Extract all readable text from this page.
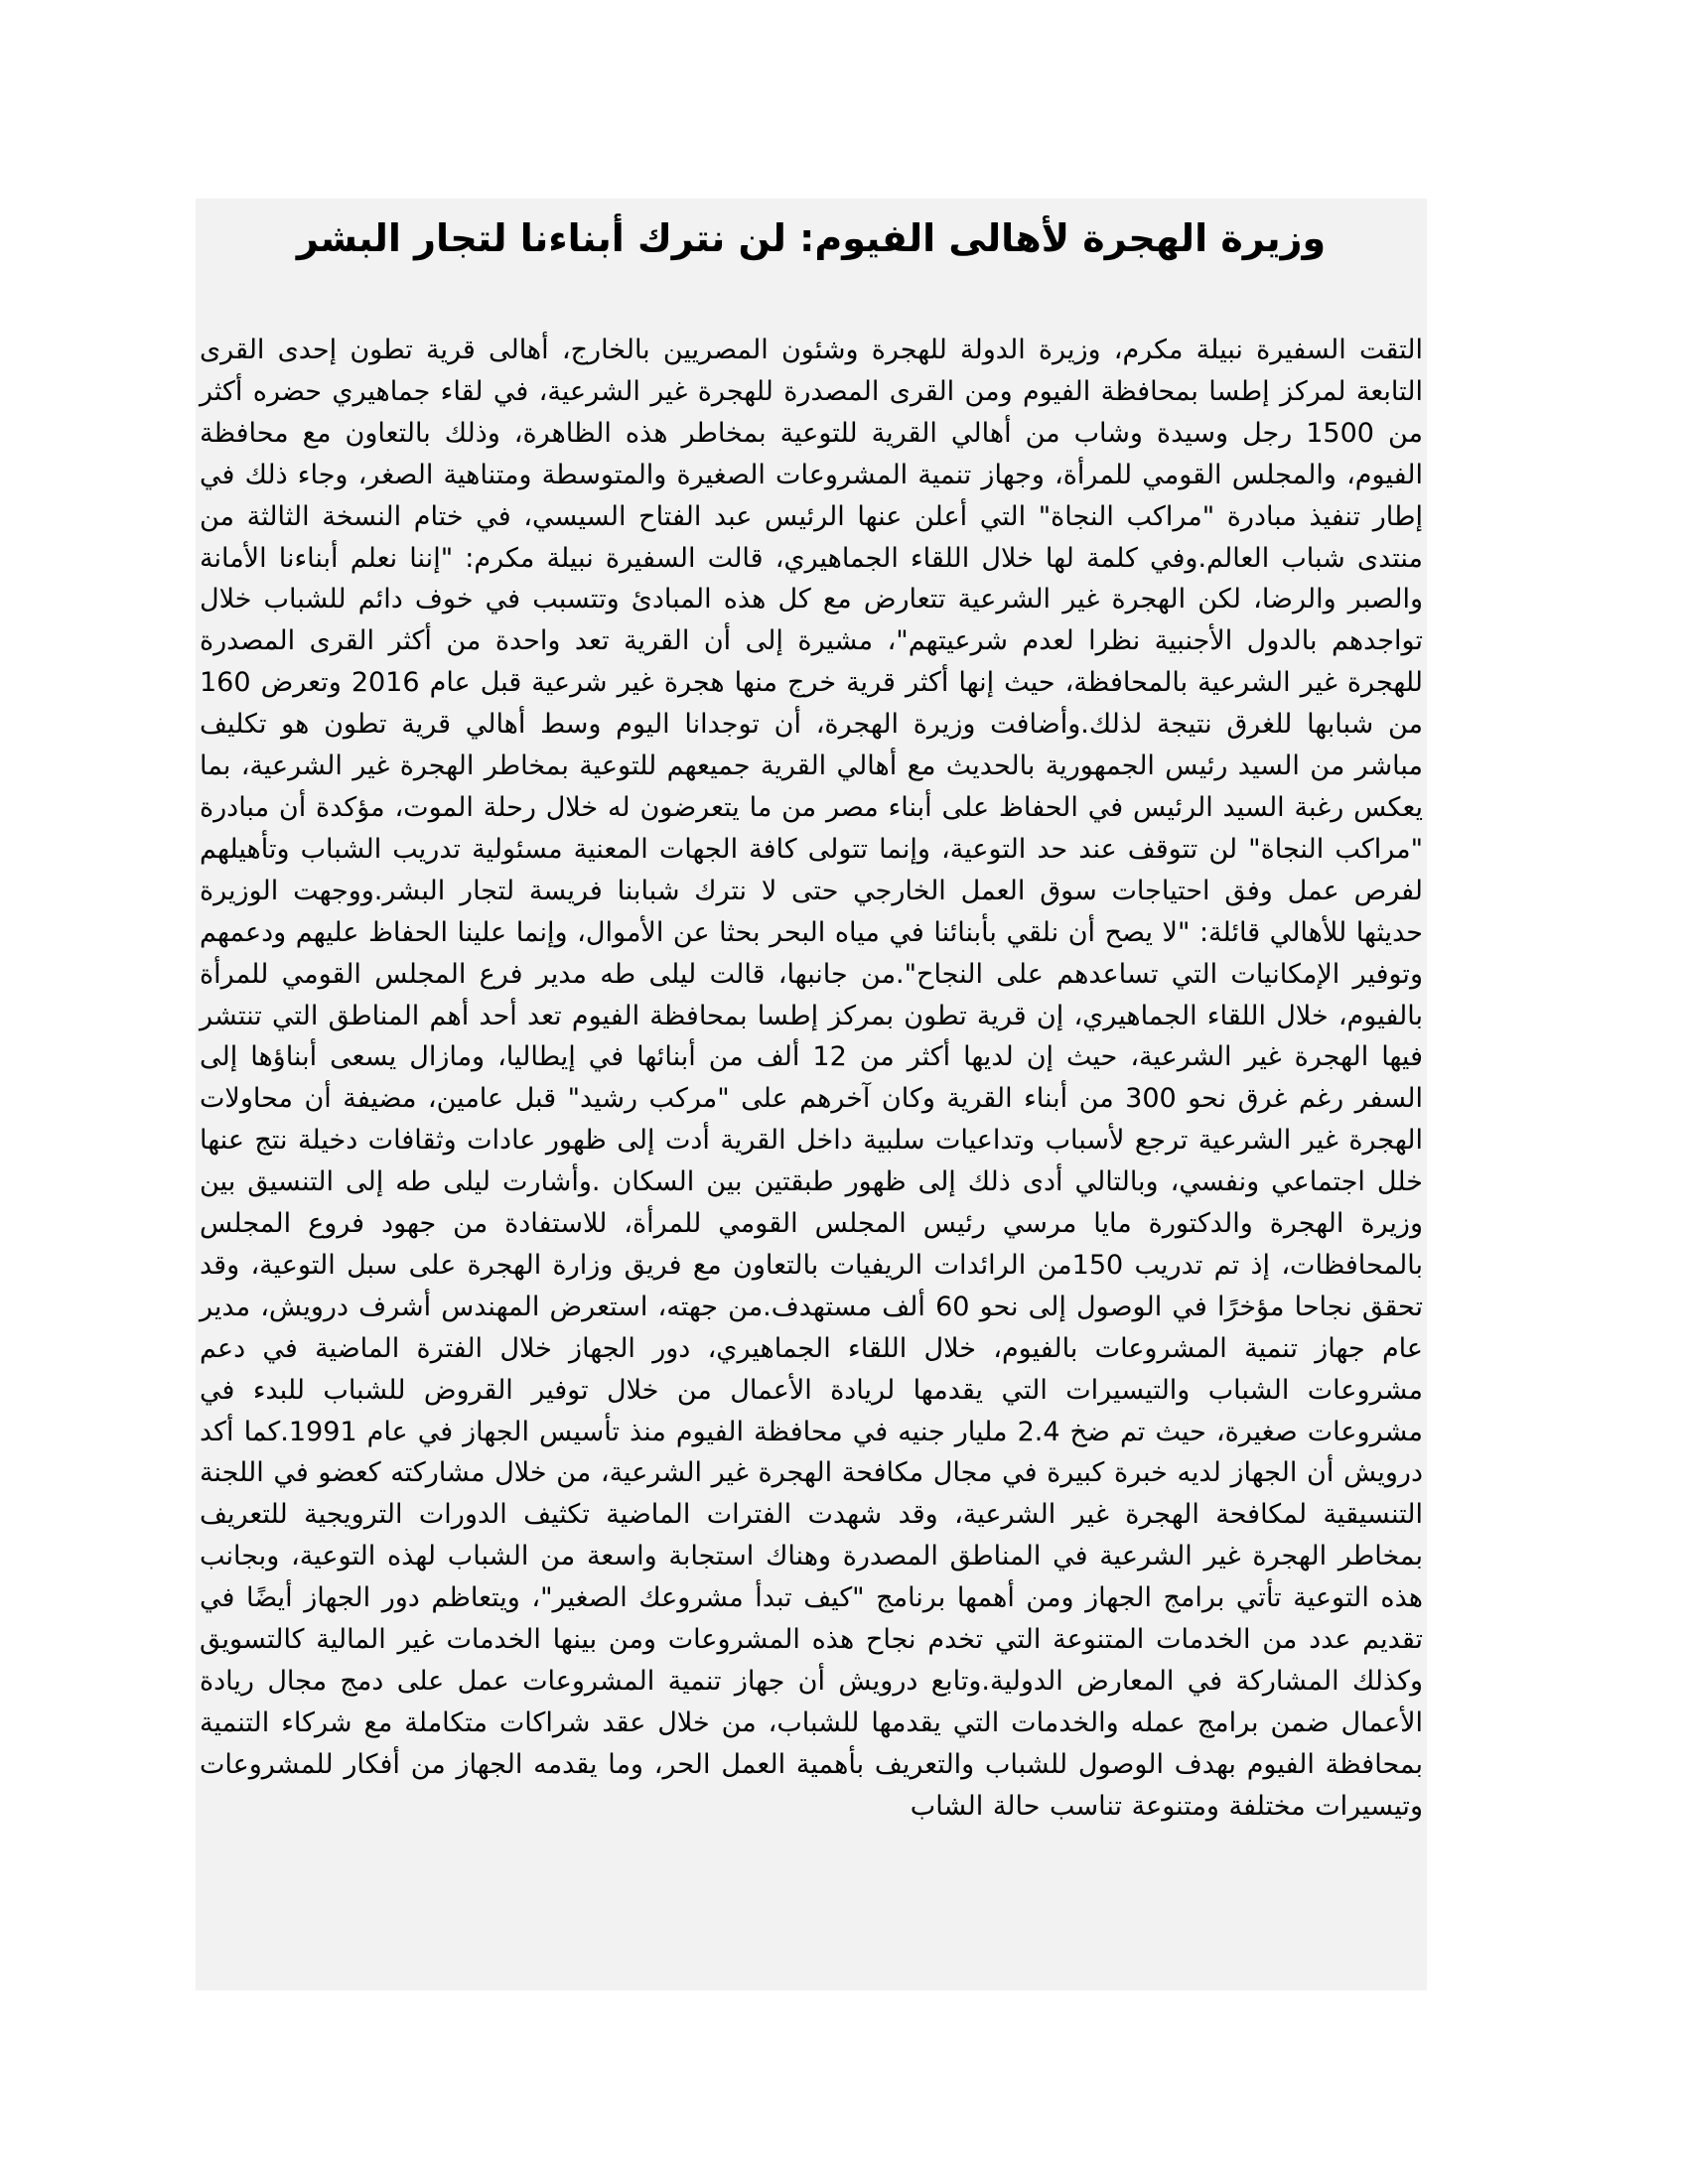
وزيرة الهجرة لأهالى الفيوم: لن نترك أبناءنا لتجار البشر

التقت السفيرة نبيلة مكرم، وزيرة الدولة للهجرة وشئون المصريين بالخارج، أهالى قرية تطون إحدى القرى التابعة لمركز إطسا بمحافظة الفيوم ومن القرى المصدرة للهجرة غير الشرعية، في لقاء جماهيري حضره أكثر من 1500 رجل وسيدة وشاب من أهالي القرية للتوعية بمخاطر هذه الظاهرة، وذلك بالتعاون مع محافظة الفيوم، والمجلس القومي للمرأة، وجهاز تنمية المشروعات الصغيرة والمتوسطة ومتناهية الصغر، وجاء ذلك في إطار تنفيذ مبادرة "مراكب النجاة" التي أعلن عنها الرئيس عبد الفتاح السيسي، في ختام النسخة الثالثة من منتدى شباب العالم.وفي كلمة لها خلال اللقاء الجماهيري، قالت السفيرة نبيلة مكرم: "إننا نعلم أبناءنا الأمانة والصبر والرضا، لكن الهجرة غير الشرعية تتعارض مع كل هذه المبادئ وتتسبب في خوف دائم للشباب خلال تواجدهم بالدول الأجنبية نظرا لعدم شرعيتهم"، مشيرة إلى أن القرية تعد واحدة من أكثر القرى المصدرة للهجرة غير الشرعية بالمحافظة، حيث إنها أكثر قرية خرج منها هجرة غير شرعية قبل عام 2016 وتعرض 160 من شبابها للغرق نتيجة لذلك.وأضافت وزيرة الهجرة، أن توجدانا اليوم وسط أهالي قرية تطون هو تكليف مباشر من السيد رئيس الجمهورية بالحديث مع أهالي القرية جميعهم للتوعية بمخاطر الهجرة غير الشرعية، بما يعكس رغبة السيد الرئيس في الحفاظ على أبناء مصر من ما يتعرضون له خلال رحلة الموت، مؤكدة أن مبادرة "مراكب النجاة" لن تتوقف عند حد التوعية، وإنما تتولى كافة الجهات المعنية مسئولية تدريب الشباب وتأهيلهم لفرص عمل وفق احتياجات سوق العمل الخارجي حتى لا نترك شبابنا فريسة لتجار البشر.ووجهت الوزيرة حديثها للأهالي قائلة: "لا يصح أن نلقي بأبنائنا في مياه البحر بحثا عن الأموال، وإنما علينا الحفاظ عليهم ودعمهم وتوفير الإمكانيات التي تساعدهم على النجاح".من جانبها، قالت ليلى طه مدير فرع المجلس القومي للمرأة بالفيوم، خلال اللقاء الجماهيري، إن قرية تطون بمركز إطسا بمحافظة الفيوم تعد أحد أهم المناطق التي تنتشر فيها الهجرة غير الشرعية، حيث إن لديها أكثر من 12 ألف من أبنائها في إيطاليا، ومازال يسعى أبناؤها إلى السفر رغم غرق نحو 300 من أبناء القرية وكان آخرهم على "مركب رشيد" قبل عامين، مضيفة أن محاولات الهجرة غير الشرعية ترجع لأسباب وتداعيات سلبية داخل القرية أدت إلى ظهور عادات وثقافات دخيلة نتج عنها خلل اجتماعي ونفسي، وبالتالي أدى ذلك إلى ظهور طبقتين بين السكان .وأشارت ليلى طه إلى التنسيق بين وزيرة الهجرة والدكتورة مايا مرسي رئيس المجلس القومي للمرأة، للاستفادة من جهود فروع المجلس بالمحافظات، إذ تم تدريب 150من الرائدات الريفيات بالتعاون مع فريق وزارة الهجرة على سبل التوعية، وقد تحقق نجاحا مؤخرًا في الوصول إلى نحو 60 ألف مستهدف.من جهته، استعرض المهندس أشرف درويش، مدير عام جهاز تنمية المشروعات بالفيوم، خلال اللقاء الجماهيري، دور الجهاز خلال الفترة الماضية في دعم مشروعات الشباب والتيسيرات التي يقدمها لريادة الأعمال من خلال توفير القروض للشباب للبدء في مشروعات صغيرة، حيث تم ضخ 2.4 مليار جنيه في محافظة الفيوم منذ تأسيس الجهاز في عام 1991.كما أكد درويش أن الجهاز لديه خبرة كبيرة في مجال مكافحة الهجرة غير الشرعية، من خلال مشاركته كعضو في اللجنة التنسيقية لمكافحة الهجرة غير الشرعية، وقد شهدت الفترات الماضية تكثيف الدورات الترويجية للتعريف بمخاطر الهجرة غير الشرعية في المناطق المصدرة وهناك استجابة واسعة من الشباب لهذه التوعية، وبجانب هذه التوعية تأتي برامج الجهاز ومن أهمها برنامج "كيف تبدأ مشروعك الصغير"، ويتعاظم دور الجهاز أيضًا في تقديم عدد من الخدمات المتنوعة التي تخدم نجاح هذه المشروعات ومن بينها الخدمات غير المالية كالتسويق وكذلك المشاركة في المعارض الدولية.وتابع درويش أن جهاز تنمية المشروعات عمل على دمج مجال ريادة الأعمال ضمن برامج عمله والخدمات التي يقدمها للشباب، من خلال عقد شراكات متكاملة مع شركاء التنمية بمحافظة الفيوم بهدف الوصول للشباب والتعريف بأهمية العمل الحر، وما يقدمه الجهاز من أفكار للمشروعات وتيسيرات مختلفة ومتنوعة تناسب حالة الشاب
